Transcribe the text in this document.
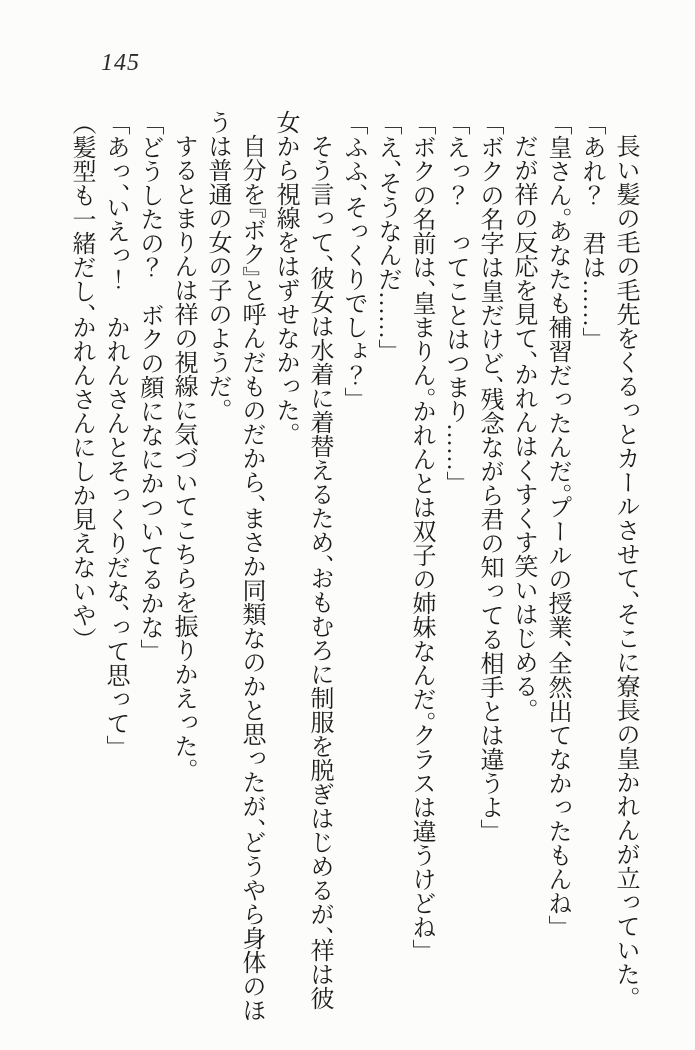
145

長い髪の毛の毛先をくるっとカールさせて、そこに寮長の皇かれんが立っていた。

「あれ？　君は……」

「皇さん。あなたも補習だったんだ。プールの授業、全然出てなかったもんね」

だが祥の反応を見て、かれんはくすくす笑いはじめる。

「ボクの名字は皇だけど、残念ながら君の知ってる相手とは違うよ」

「えっ？　ってことはつまり……」

「ボクの名前は、皇まりん。かれんとは双子の姉妹なんだ。クラスは違うけどね」

「え、そうなんだ……」

「ふふ、そっくりでしょ？」

そう言って、彼女は水着に着替えるため、おもむろに制服を脱ぎはじめるが、祥は彼女から視線をはずせなかった。

自分を『ボク』と呼んだものだから、まさか同類なのかと思ったが、どうやら身体のほうは普通の女の子のようだ。

するとまりんは祥の視線に気づいてこちらを振りかえった。

「どうしたの？　ボクの顔になにかついてるかな」

「あっ、いえっ！　かれんさんとそっくりだな、って思って」

（髪型も一緒だし、かれんさんにしか見えないや）
